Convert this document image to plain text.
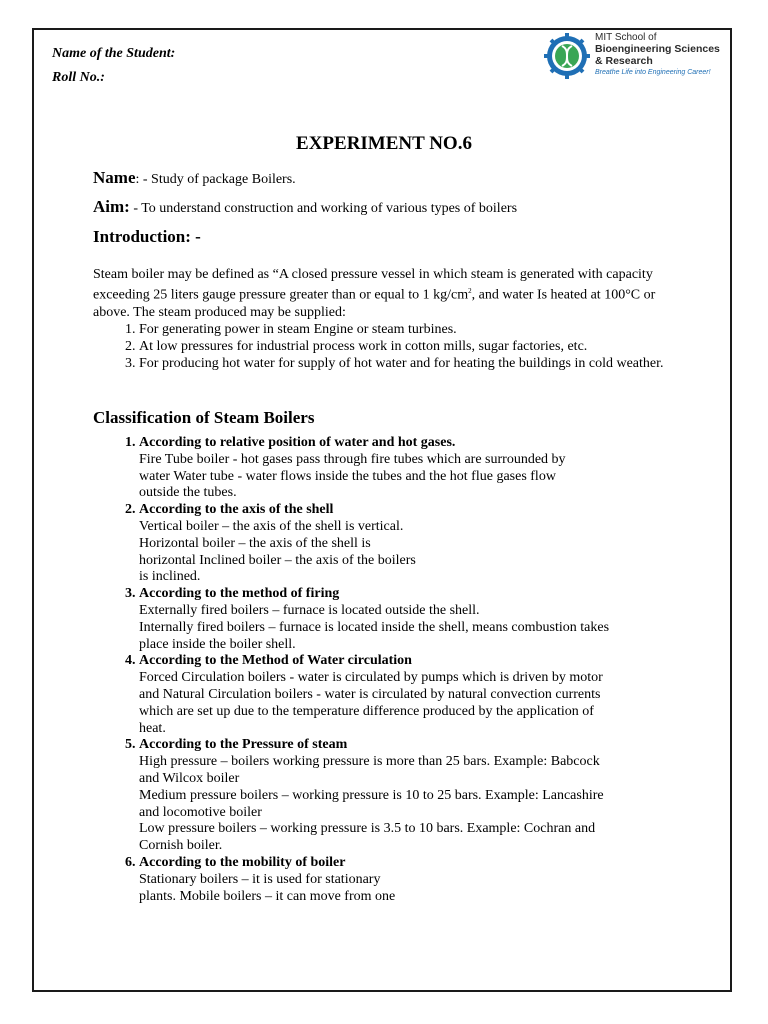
Name of the Student:
Roll No.:
MIT School of
Bioengineering Sciences
& Research
Breathe Life into Engineering Career!
EXPERIMENT NO.6
Name: - Study of package Boilers.
Aim: - To understand construction and working of various types of boilers
Introduction: -
Steam boiler may be defined as “A closed pressure vessel in which steam is generated with capacity exceeding 25 liters gauge pressure greater than or equal to 1 $kg/cm^2$, and water Is heated at 100°C or above. The steam produced may be supplied:
1. For generating power in steam Engine or steam turbines.
2. At low pressures for industrial process work in cotton mills, sugar factories, etc.
3. For producing hot water for supply of hot water and for heating the buildings in cold weather.
Classification of Steam Boilers
1. According to relative position of water and hot gases.
Fire Tube boiler - hot gases pass through fire tubes which are surrounded by
water Water tube - water flows inside the tubes and the hot flue gases flow
outside the tubes.
2. According to the axis of the shell
Vertical boiler – the axis of the shell is vertical.
Horizontal boiler – the axis of the shell is
horizontal Inclined boiler – the axis of the boilers
is inclined.
3. According to the method of firing
Externally fired boilers – furnace is located outside the shell.
Internally fired boilers – furnace is located inside the shell, means combustion takes
place inside the boiler shell.
4. According to the Method of Water circulation
Forced Circulation boilers - water is circulated by pumps which is driven by motor
and Natural Circulation boilers - water is circulated by natural convection currents
which are set up due to the temperature difference produced by the application of
heat.
5. According to the Pressure of steam
High pressure – boilers working pressure is more than 25 bars. Example: Babcock
and Wilcox boiler
Medium pressure boilers – working pressure is 10 to 25 bars. Example: Lancashire
and locomotive boiler
Low pressure boilers – working pressure is 3.5 to 10 bars. Example: Cochran and
Cornish boiler.
6. According to the mobility of boiler
Stationary boilers – it is used for stationary
plants. Mobile boilers – it can move from one
